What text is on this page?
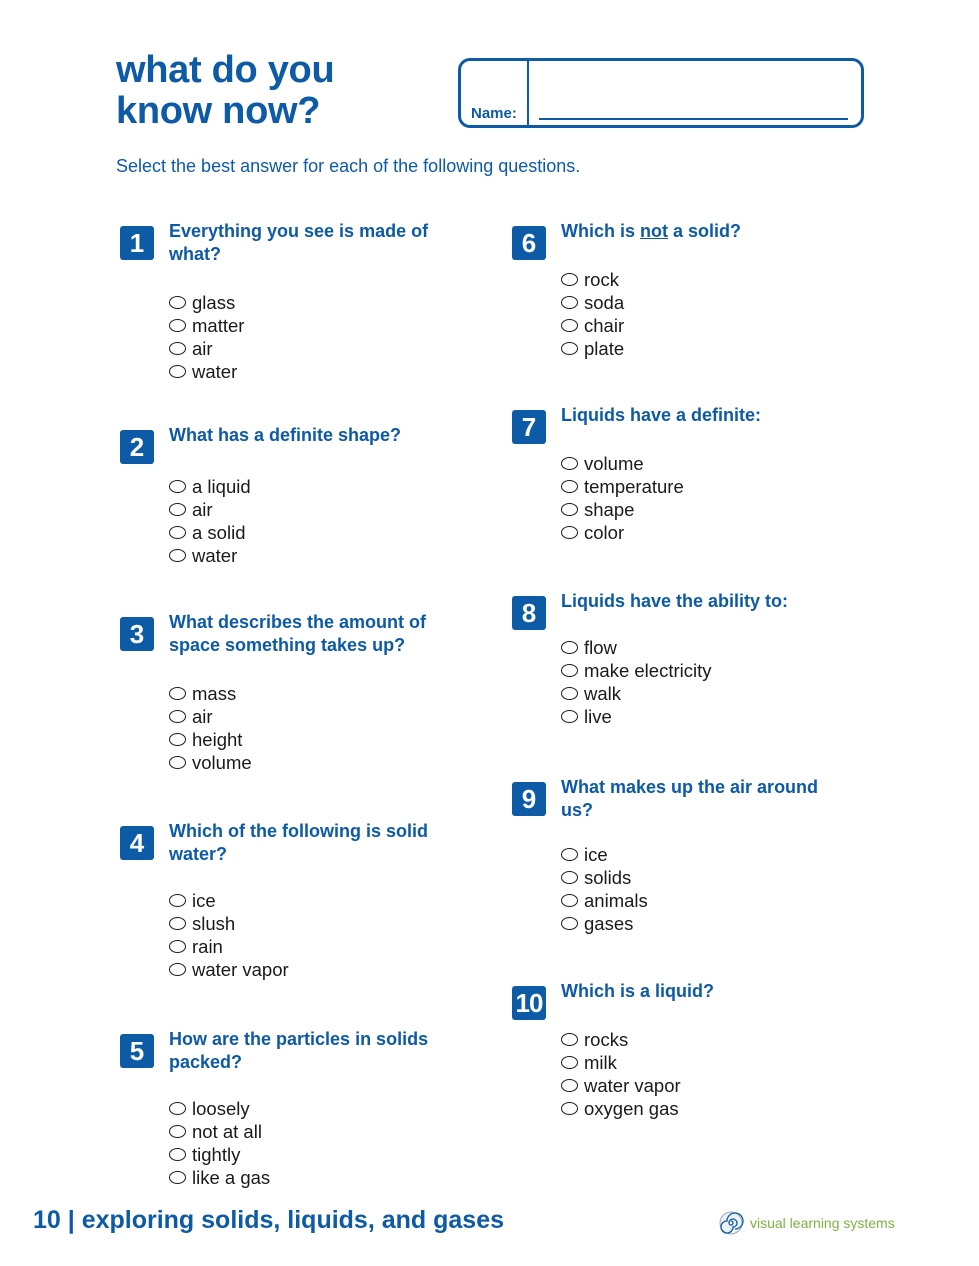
what do you
know now?	Name:
Select the best answer for each of the following questions.
1	Everything you see is made of what?
glass
matter
air
water
2	What has a definite shape?
a liquid
air
a solid
water
3	What describes the amount of space something takes up?
mass
air
height
volume
4	Which of the following is solid water?
ice
slush
rain
water vapor
5	How are the particles in solids packed?
loosely
not at all
tightly
like a gas
6	Which is not a solid?
rock
soda
chair
plate
7	Liquids have a definite:
volume
temperature
shape
color
8	Liquids have the ability to:
flow
make electricity
walk
live
9	What makes up the air around us?
ice
solids
animals
gases
10 Which is a liquid?
rocks
milk
water vapor
oxygen gas
10 | exploring solids, liquids, and gases	visual learning systems
